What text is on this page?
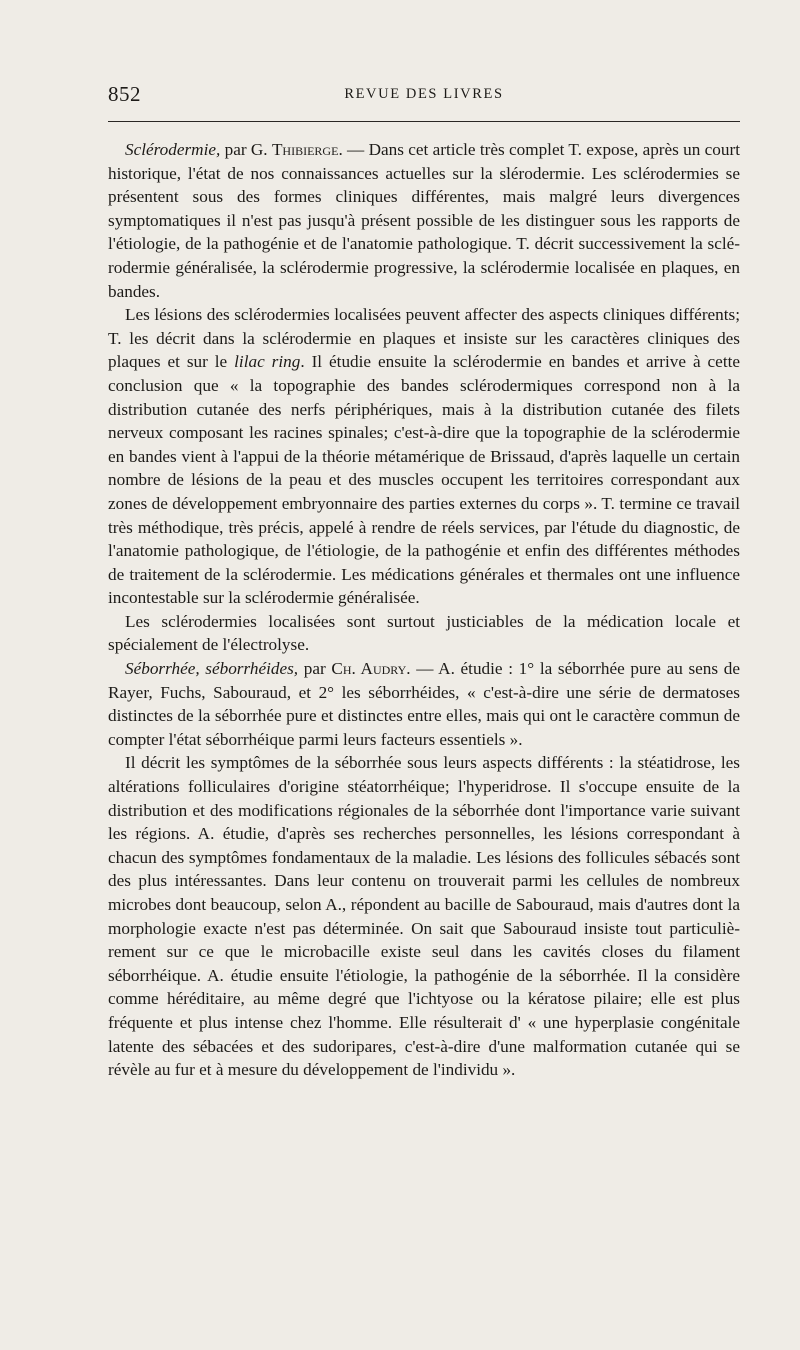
852	REVUE DES LIVRES

Sclérodermie, par G. Thibierge. — Dans cet article très complet T. expose, après un court historique, l'état de nos connaissances actuelles sur la slérodermie. Les sclérodermies se présentent sous des formes cliniques différentes, mais malgré leurs divergences symptomatiques il n'est pas jusqu'à présent possible de les distinguer sous les rapports de l'étiologie, de la pathogénie et de l'anatomie pathologique. T. décrit successivement la sclérodermie généralisée, la sclérodermie progressive, la sclérodermie localisée en plaques, en bandes.

Les lésions des sclérodermies localisées peuvent affecter des aspects cliniques différents; T. les décrit dans la sclérodermie en plaques et insiste sur les caractères cliniques des plaques et sur le lilac ring. Il étudie ensuite la sclérodermie en bandes et arrive à cette conclusion que « la topographie des bandes sclérodermiques correspond non à la distribution cutanée des nerfs périphériques, mais à la distribution cutanée des filets nerveux composant les racines spinales; c'est-à-dire que la topographie de la sclérodermie en bandes vient à l'appui de la théorie métamérique de Brissaud, d'après laquelle un certain nombre de lésions de la peau et des muscles occupent les territoires correspondant aux zones de développement embryonnaire des parties externes du corps ». T. termine ce travail très méthodique, très précis, appelé à rendre de réels services, par l'étude du diagnostic, de l'anatomie pathologique, de l'étiologie, de la pathogénie et enfin des différentes méthodes de traitement de la sclérodermie. Les médications générales et thermales ont une influence incontestable sur la sclérodermie généralisée.

Les sclérodermies localisées sont surtout justiciables de la médication locale et spécialement de l'électrolyse.

Séborrhée, séborrhéides, par Ch. Audry. — A. étudie : 1° la séborrhée pure au sens de Rayer, Fuchs, Sabouraud, et 2° les séborrhéides, « c'est-à-dire une série de dermatoses distinctes de la séborrhée pure et distinctes entre elles, mais qui ont le caractère commun de compter l'état séborrhéique parmi leurs facteurs essentiels ».

Il décrit les symptômes de la séborrhée sous leurs aspects différents : la stéatidrose, les altérations folliculaires d'origine stéatorrhéique; l'hyperidrose. Il s'occupe ensuite de la distribution et des modifications régionales de la séborrhée dont l'importance varie suivant les régions. A. étudie, d'après ses recherches personnelles, les lésions correspondant à chacun des symptômes fondamentaux de la maladie. Les lésions des follicules sébacés sont des plus intéressantes. Dans leur contenu on trouverait parmi les cellules de nombreux microbes dont beaucoup, selon A., répondent au bacille de Sabouraud, mais d'autres dont la morphologie exacte n'est pas déterminée. On sait que Sabouraud insiste tout particulièrement sur ce que le microbacille existe seul dans les cavités closes du filament séborrhéique. A. étudie ensuite l'étiologie, la pathogénie de la séborrhée. Il la considère comme héréditaire, au même degré que l'ichtyose ou la kératose pilaire; elle est plus fréquente et plus intense chez l'homme. Elle résulterait d' « une hyperplasie congénitale latente des sébacées et des sudoripares, c'est-à-dire d'une malformation cutanée qui se révèle au fur et à mesure du développement de l'individu ».
